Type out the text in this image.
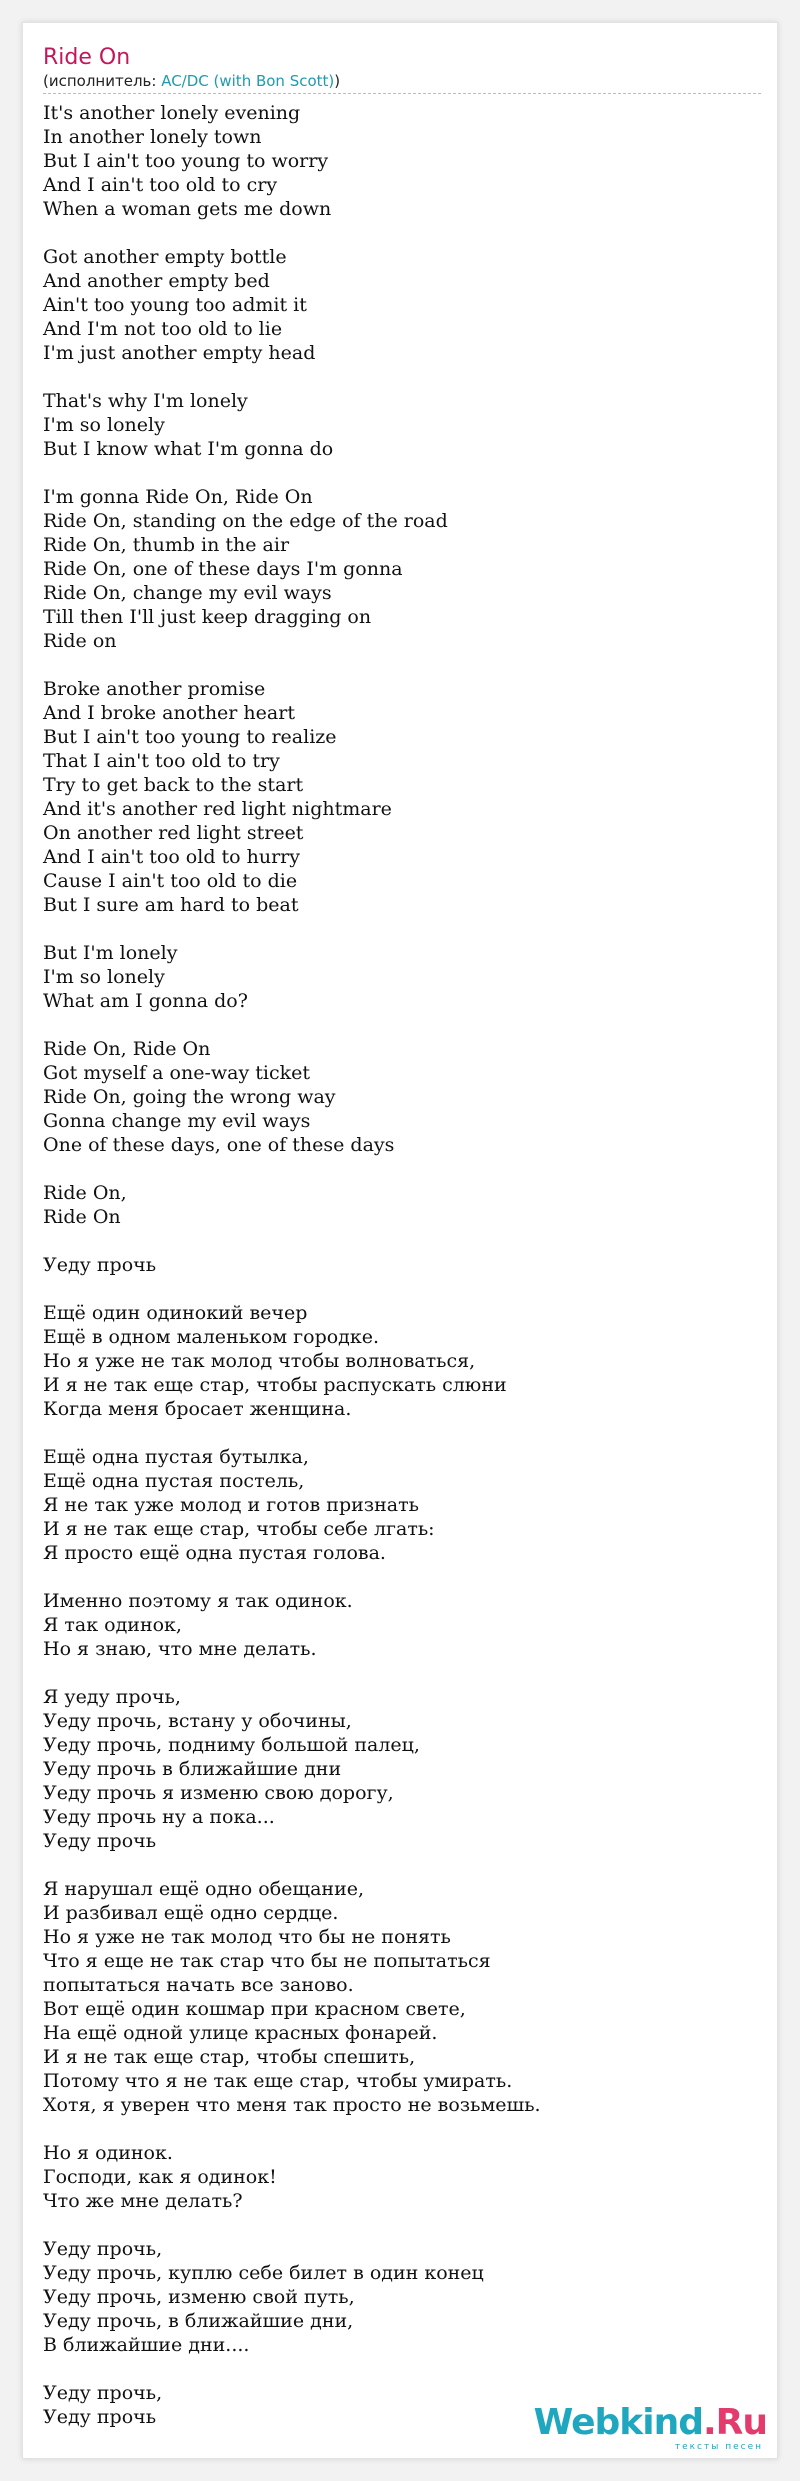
Ride On
(исполнитель: AC/DC (with Bon Scott))
It's another lonely evening
In another lonely town
But I ain't too young to worry
And I ain't too old to cry
When a woman gets me down
Got another empty bottle
And another empty bed
Ain't too young too admit it
And I'm not too old to lie
I'm just another empty head
That's why I'm lonely
I'm so lonely
But I know what I'm gonna do
I'm gonna Ride On, Ride On
Ride On, standing on the edge of the road
Ride On, thumb in the air
Ride On, one of these days I'm gonna
Ride On, change my evil ways
Till then I'll just keep dragging on
Ride on
Broke another promise
And I broke another heart
But I ain't too young to realize
That I ain't too old to try
Try to get back to the start
And it's another red light nightmare
On another red light street
And I ain't too old to hurry
Cause I ain't too old to die
But I sure am hard to beat
But I'm lonely
I'm so lonely
What am I gonna do?
Ride On, Ride On
Got myself a one-way ticket
Ride On, going the wrong way
Gonna change my evil ways
One of these days, one of these days
Ride On,
Ride On
Уеду прочь
Ещё один одинокий вечер
Ещё в одном маленьком городке.
Но я уже не так молод чтобы волноваться,
И я не так еще стар, чтобы распускать слюни
Когда меня бросает женщина.
Ещё одна пустая бутылка,
Ещё одна пустая постель,
Я не так уже молод и готов признать
И я не так еще стар, чтобы себе лгать:
Я просто ещё одна пустая голова.
Именно поэтому я так одинок.
Я так одинок,
Но я знаю, что мне делать.
Я уеду прочь,
Уеду прочь, встану у обочины,
Уеду прочь, подниму большой палец,
Уеду прочь в ближайшие дни
Уеду прочь я изменю свою дорогу,
Уеду прочь ну а пока...
Уеду прочь
Я нарушал ещё одно обещание,
И разбивал ещё одно сердце.
Но я уже не так молод что бы не понять
Что я еще не так стар что бы не попытаться
попытаться начать все заново.
Вот ещё один кошмар при красном свете,
На ещё одной улице красных фонарей.
И я не так еще стар, чтобы спешить,
Потому что я не так еще стар, чтобы умирать.
Хотя, я уверен что меня так просто не возьмешь.
Но я одинок.
Господи, как я одинок!
Что же мне делать?
Уеду прочь,
Уеду прочь, куплю себе билет в один конец
Уеду прочь, изменю свой путь,
Уеду прочь, в ближайшие дни,
В ближайшие дни....
Уеду прочь,
Уеду прочь	Webkind.Ru
тексты песен
